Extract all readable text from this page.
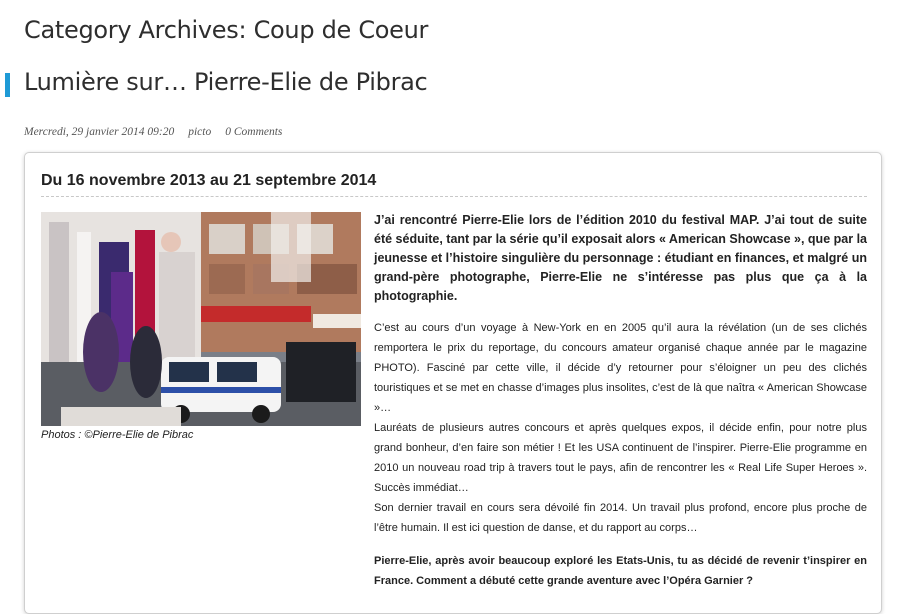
Category Archives: Coup de Coeur
Lumière sur… Pierre-Elie de Pibrac
Mercredi, 29 janvier 2014 09:20 picto 0 Comments
Du 16 novembre 2013 au 21 septembre 2014
Photos : ©Pierre-Elie de Pibrac

J’ai rencontré Pierre-Elie lors de l’édition 2010 du festival MAP. J’ai tout de suite été séduite, tant par la série qu’il exposait alors « American Showcase », que par la jeunesse et l’histoire singulière du personnage : étudiant en finances, et malgré un grand-père photographe, Pierre-Elie ne s’intéresse pas plus que ça à la photographie.

C’est au cours d’un voyage à New-York en en 2005 qu’il aura la révélation (un de ses clichés remportera le prix du reportage, du concours amateur organisé chaque année par le magazine PHOTO). Fasciné par cette ville, il décide d’y retourner pour s’éloigner un peu des clichés touristiques et se met en chasse d’images plus insolites, c’est de là que naîtra « American Showcase »…

Lauréats de plusieurs autres concours et après quelques expos, il décide enfin, pour notre plus grand bonheur, d’en faire son métier ! Et les USA continuent de l’inspirer. Pierre-Elie programme en 2010 un nouveau road trip à travers tout le pays, afin de rencontrer les « Real Life Super Heroes ». Succès immédiat…

Son dernier travail en cours sera dévoilé fin 2014. Un travail plus profond, encore plus proche de l’être humain. Il est ici question de danse, et du rapport au corps…

Pierre-Elie, après avoir beaucoup exploré les Etats-Unis, tu as décidé de revenir t’inspirer en France. Comment a débuté cette grande aventure avec l’Opéra Garnier ?
